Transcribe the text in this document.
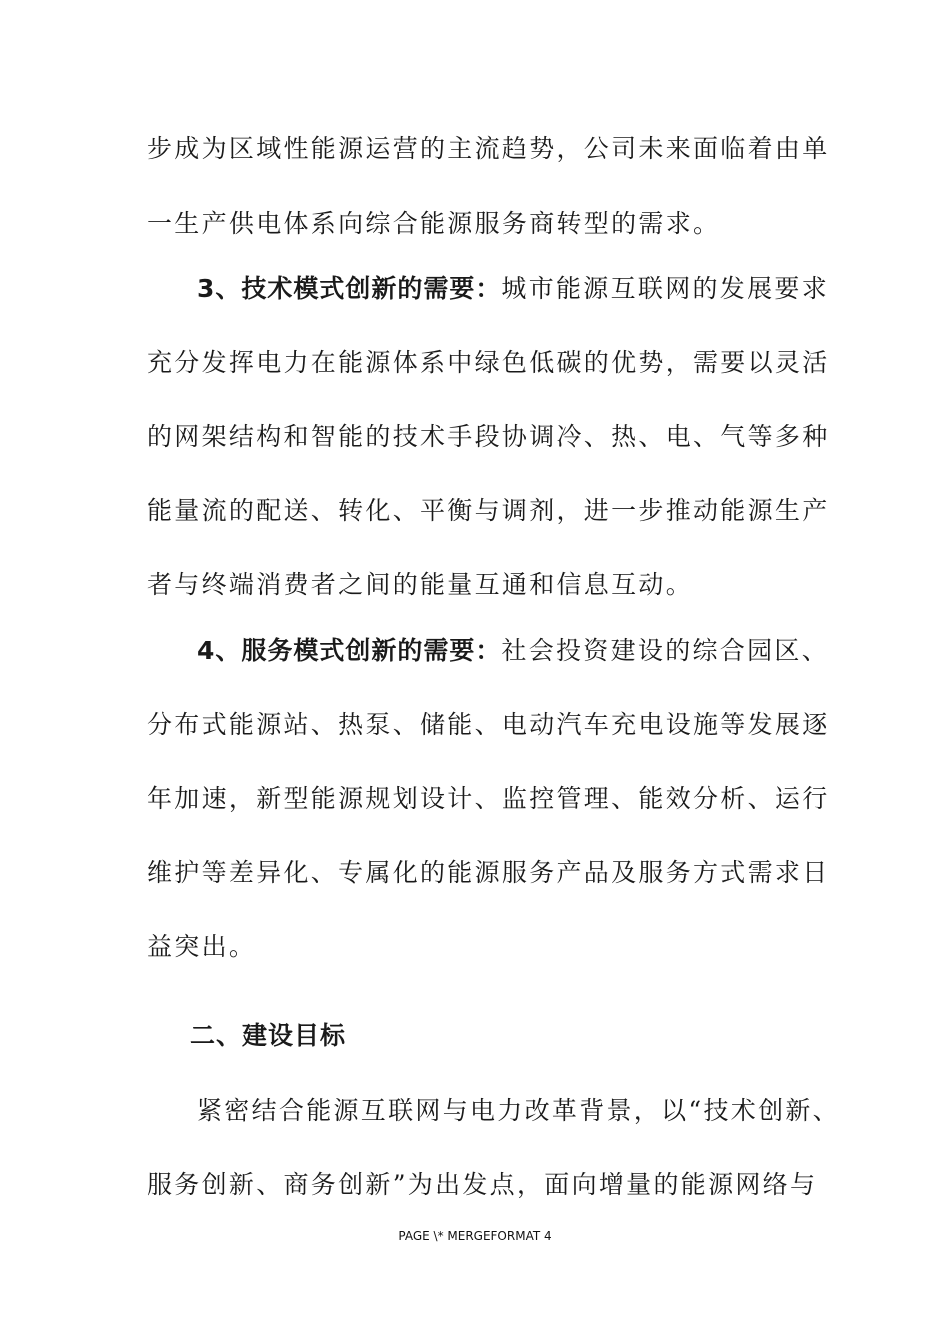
步成为区域性能源运营的主流趋势，公司未来面临着由单
一生产供电体系向综合能源服务商转型的需求。
3、技术模式创新的需要：城市能源互联网的发展要求
充分发挥电力在能源体系中绿色低碳的优势，需要以灵活
的网架结构和智能的技术手段协调冷、热、电、气等多种
能量流的配送、转化、平衡与调剂，进一步推动能源生产
者与终端消费者之间的能量互通和信息互动。
4、服务模式创新的需要：社会投资建设的综合园区、
分布式能源站、热泵、储能、电动汽车充电设施等发展逐
年加速，新型能源规划设计、监控管理、能效分析、运行
维护等差异化、专属化的能源服务产品及服务方式需求日
益突出。
二、建设目标
紧密结合能源互联网与电力改革背景，以“技术创新、
服务创新、商务创新”为出发点，面向增量的能源网络与
PAGE \* MERGEFORMAT 4
